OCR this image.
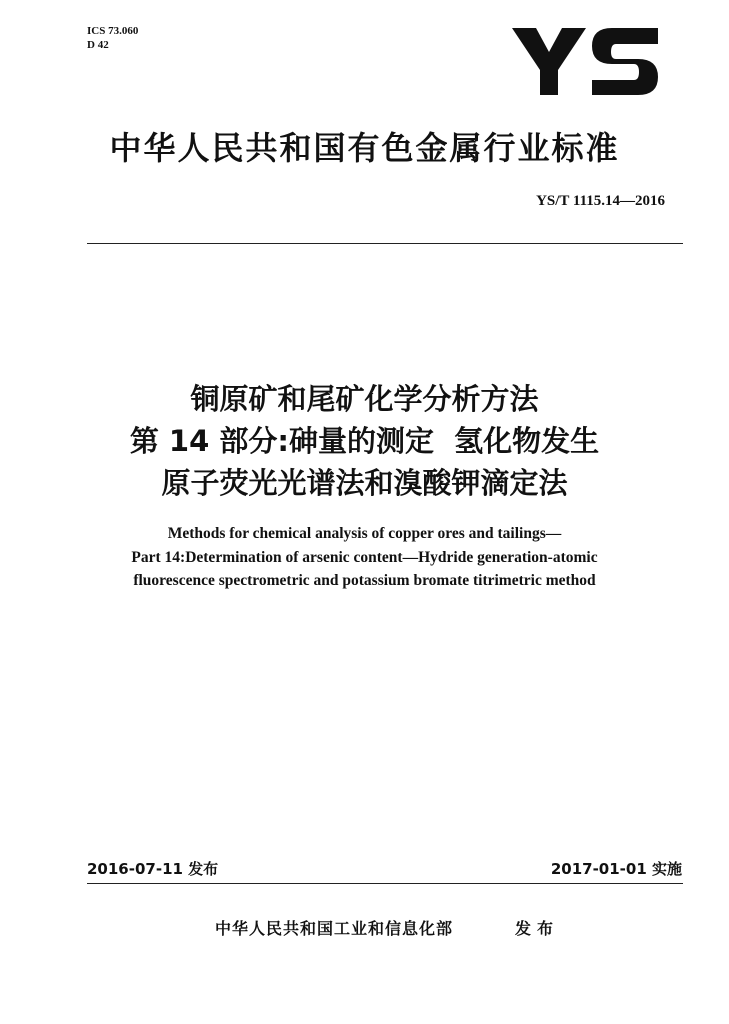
ICS 73.060
D 42
中华人民共和国有色金属行业标准
YS/T 1115.14—2016
铜原矿和尾矿化学分析方法
第 14 部分:砷量的测定  氢化物发生
原子荧光光谱法和溴酸钾滴定法
Methods for chemical analysis of copper ores and tailings—
Part 14:Determination of arsenic content—Hydride generation-atomic
fluorescence spectrometric and potassium bromate titrimetric method
2016-07-11 发布	2017-01-01 实施
中华人民共和国工业和信息化部	发布
